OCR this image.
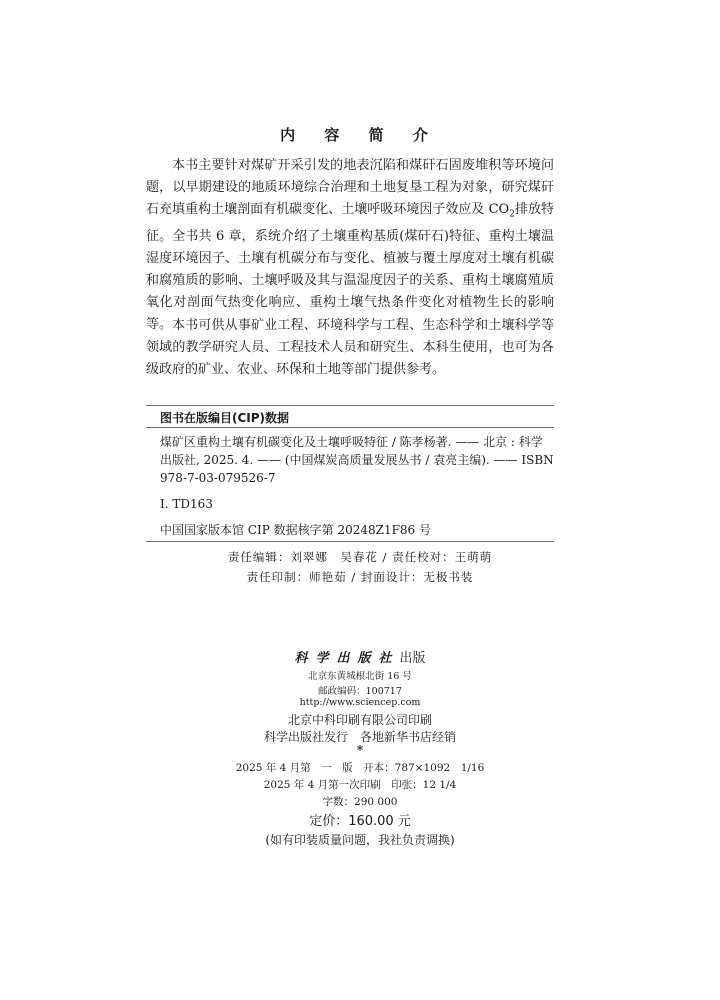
内 容 简 介

本书主要针对煤矿开采引发的地表沉陷和煤矸石固废堆积等环境问题，以早期建设的地质环境综合治理和土地复垦工程为对象，研究煤矸石充填重构土壤剖面有机碳变化、土壤呼吸环境因子效应及 $CO_2$排放特征。全书共 6 章，系统介绍了土壤重构基质(煤矸石)特征、重构土壤温湿度环境因子、土壤有机碳分布与变化、植被与覆土厚度对土壤有机碳和腐殖质的影响、土壤呼吸及其与温湿度因子的关系、重构土壤腐殖质氧化对剖面气热变化响应、重构土壤气热条件变化对植物生长的影响等。 本书可供从事矿业工程、环境科学与工程、生态科学和土壤科学等领域的教学研究人员、工程技术人员和研究生、本科生使用，也可为各级政府的矿业、农业、环保和土地等部门提供参考。

图书在版编目(CIP)数据
煤矿区重构土壤有机碳变化及土壤呼吸特征 / 陈孝杨著. —— 北京 : 科学出版社, 2025. 4. —— (中国煤炭高质量发展丛书 / 袁亮主编). —— ISBN 978-7-03-079526-7
Ⅰ. TD163
中国国家版本馆 CIP 数据核字第 20248Z1F86 号
责任编辑：刘翠娜　吴春花 / 责任校对：王萌萌
责任印制：师艳茹 / 封面设计：无极书装
科学出版社出版
北京东黄城根北街 16 号
邮政编码：100717
http://www.sciencep.com
北京中科印刷有限公司印刷
科学出版社发行　各地新华书店经销
*
2025 年 4 月第　一　版　开本：787×1092　1/16
2025 年 4 月第一次印刷　印张：12 1/4
字数：290 000
定价：160.00 元
(如有印装质量问题，我社负责调换)
